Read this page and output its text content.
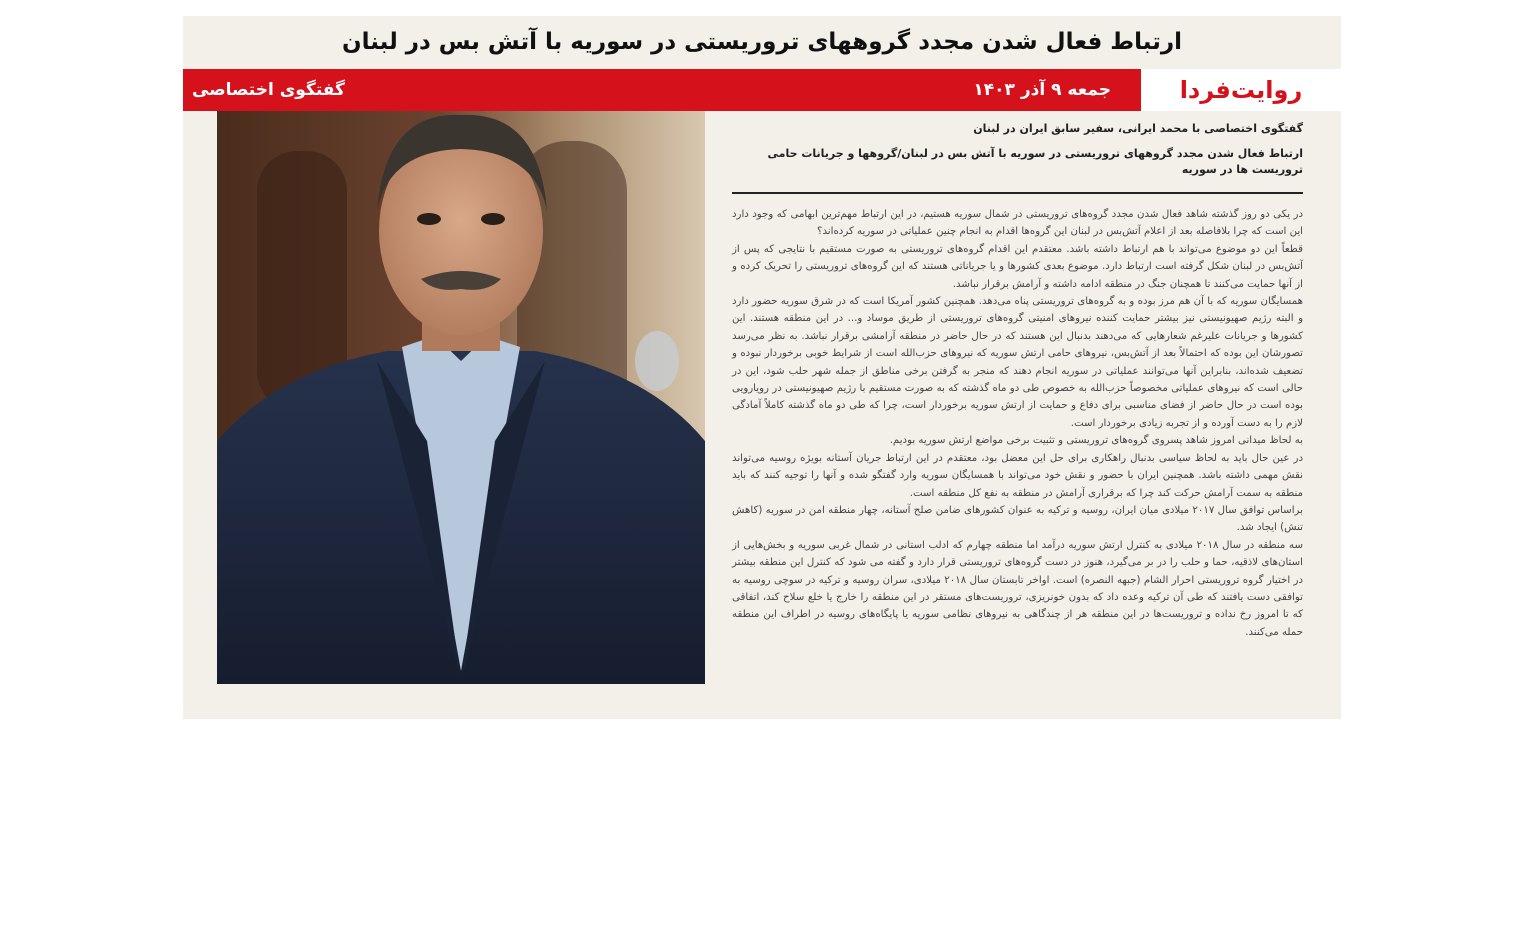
ارتباط فعال شدن مجدد گروههای تروریستی در سوریه با آتش بس در لبنان
روایت‌فردا
جمعه ۹ آذر ۱۴۰۳
گفتگوی اختصاصی
گفتگوی اختصاصی با محمد ایرانی، سفیر سابق ایران در لبنان
ارتباط فعال شدن مجدد گروههای تروریستی در سوریه با آتش بس در لبنان/گروهها و جریانات حامی تروریست ها در سوریه

در یکی دو روز گذشته شاهد فعال شدن مجدد گروه‌های تروریستی در شمال سوریه هستیم، در این ارتباط مهم‌ترین ابهامی که وجود دارد این است که چرا بلافاصله بعد از اعلام آتش‌بس در لبنان این گروه‌ها اقدام به انجام چنین عملیاتی در سوریه کرده‌اند؟

قطعاً این دو موضوع می‌تواند با هم ارتباط داشته باشد. معتقدم این اقدام گروه‌های تروریستی به صورت مستقیم با نتایجی که پس از آتش‌بس در لبنان شکل گرفته است ارتباط دارد. موضوع بعدی کشورها و یا جریاناتی هستند که این گروه‌های تروریستی را تحریک کرده و از آنها حمایت می‌کنند تا همچنان جنگ در منطقه ادامه داشته و آرامش برقرار نباشد.

همسایگان سوریه که با آن هم مرز بوده و به گروه‌های تروریستی پناه می‌دهد. همچنین کشور آمریکا است که در شرق سوریه حضور دارد و البته رژیم صهیونیستی نیز بیشتر حمایت کننده نیروهای امنیتی گروه‌های تروریستی از طریق موساد و... در این منطقه هستند. این کشورها و جریانات علیرغم شعارهایی که می‌دهند بدنبال این هستند که در حال حاضر در منطقه آرامشی برقرار نباشد. به نظر می‌رسد تصورشان این بوده که احتمالاً بعد از آتش‌بس، نیروهای حامی ارتش سوریه که نیروهای حزب‌الله است از شرایط خوبی برخوردار نبوده و تضعیف شده‌اند، بنابراین آنها می‌توانند عملیاتی در سوریه انجام دهند که منجر به گرفتن برخی مناطق از جمله شهر حلب شود، این در حالی است که نیروهای عملیاتی مخصوصاً حزب‌الله به خصوص طی دو ماه گذشته که به صورت مستقیم با رژیم صهیونیستی در رویارویی بوده است در حال حاضر از فضای مناسبی برای دفاع و حمایت از ارتش سوریه برخوردار است، چرا که طی دو ماه گذشته کاملاً آمادگی لازم را به دست آورده و از تجربه زیادی برخوردار است.

به لحاظ میدانی امروز شاهد پسروی گروه‌های تروریستی و تثبیت برخی مواضع ارتش سوریه بودیم.

در عین حال باید به لحاظ سیاسی بدنبال راهکاری برای حل این معضل بود، معتقدم در این ارتباط جریان آستانه بویژه روسیه می‌تواند نقش مهمی داشته باشد. همچنین ایران با حضور و نقش خود می‌تواند با همسایگان سوریه وارد گفتگو شده و آنها را توجیه کنند که باید منطقه به سمت آرامش حرکت کند چرا که برقراری آرامش در منطقه به نفع کل منطقه است.

براساس توافق سال ۲۰۱۷ میلادی میان ایران، روسیه و ترکیه به عنوان کشورهای ضامن صلح آستانه، چهار منطقه امن در سوریه (کاهش تنش) ایجاد شد.

سه منطقه در سال ۲۰۱۸ میلادی به کنترل ارتش سوریه درآمد اما منطقه چهارم که ادلب استانی در شمال غربی سوریه و بخش‌هایی از استان‌های لاذقیه، حما و حلب را در بر می‌گیرد، هنوز در دست گروه‌های تروریستی قرار دارد و گفته می شود که کنترل این منطقه بیشتر در اختیار گروه تروریستی احرار الشام (جبهه النصره) است. اواخر تابستان سال ۲۰۱۸ میلادی، سران روسیه و ترکیه در سوچی روسیه به توافقی دست یافتند که طی آن ترکیه وعده داد که بدون خونریزی، تروریست‌های مستقر در این منطقه را خارج یا خلع سلاح کند، اتفاقی که تا امروز رخ نداده و تروریست‌ها در این منطقه هر از چندگاهی به نیروهای نظامی سوریه یا پایگاه‌های روسیه در اطراف این منطقه حمله می‌کنند.
